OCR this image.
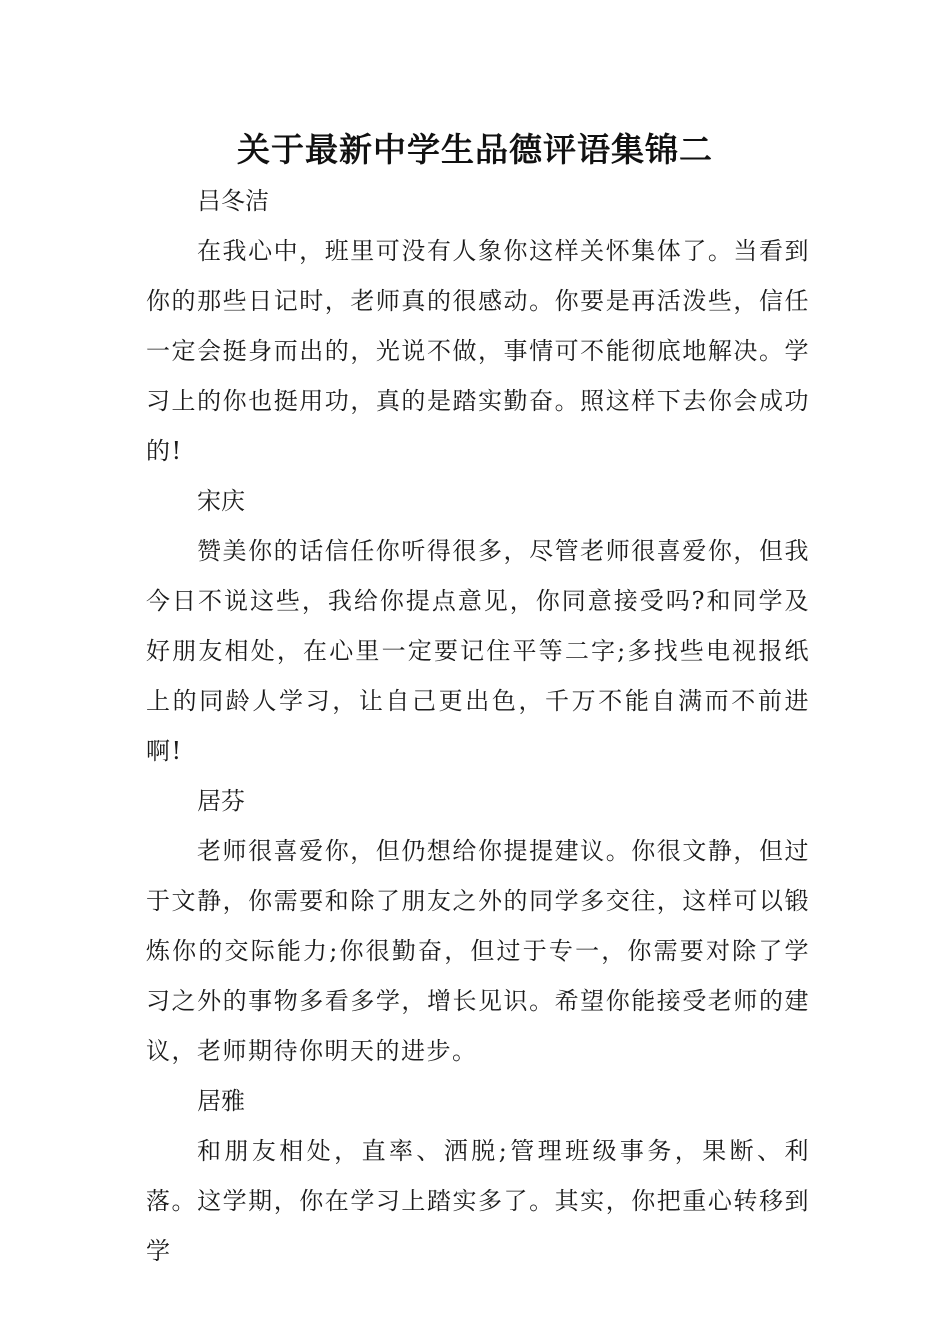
关于最新中学生品德评语集锦二
吕冬洁

在我心中，班里可没有人象你这样关怀集体了。当看到你的那些日记时，老师真的很感动。你要是再活泼些，信任一定会挺身而出的，光说不做，事情可不能彻底地解决。学习上的你也挺用功，真的是踏实勤奋。照这样下去你会成功的!

宋庆

赞美你的话信任你听得很多，尽管老师很喜爱你，但我今日不说这些，我给你提点意见，你同意接受吗?和同学及好朋友相处，在心里一定要记住平等二字;多找些电视报纸上的同龄人学习，让自己更出色，千万不能自满而不前进啊!

居芬

老师很喜爱你，但仍想给你提提建议。你很文静，但过于文静，你需要和除了朋友之外的同学多交往，这样可以锻炼你的交际能力;你很勤奋，但过于专一，你需要对除了学习之外的事物多看多学，增长见识。希望你能接受老师的建议，老师期待你明天的进步。

居雅

和朋友相处，直率、洒脱;管理班级事务，果断、利落。这学期，你在学习上踏实多了。其实，你把重心转移到学
